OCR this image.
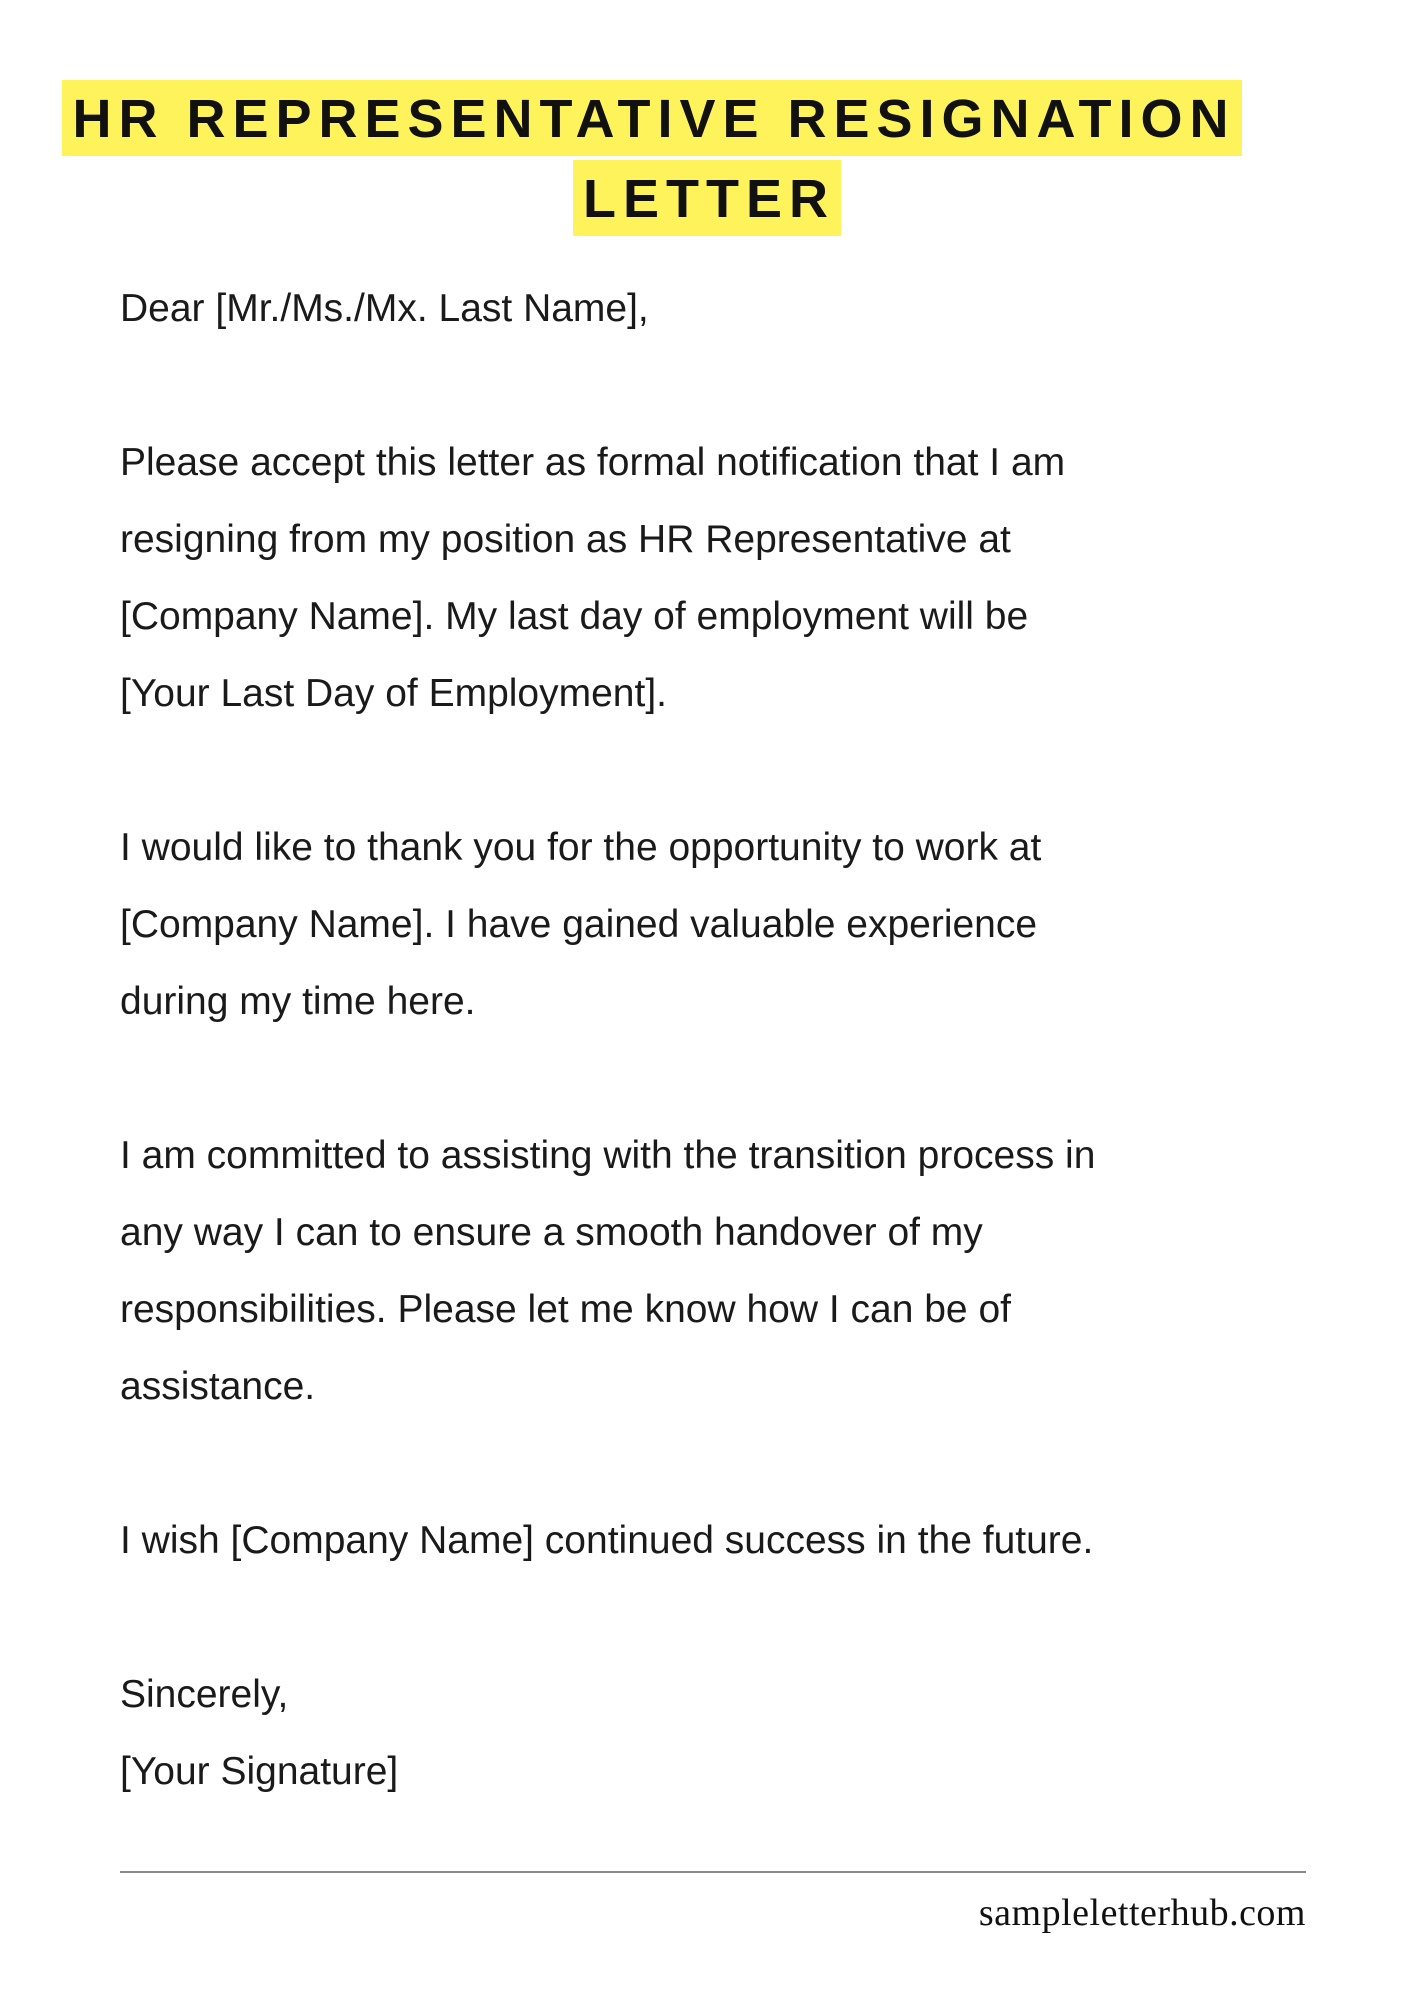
HR REPRESENTATIVE RESIGNATION
LETTER

Dear [Mr./Ms./Mx. Last Name],

Please accept this letter as formal notification that I am
resigning from my position as HR Representative at
[Company Name]. My last day of employment will be
[Your Last Day of Employment].

I would like to thank you for the opportunity to work at
[Company Name]. I have gained valuable experience
during my time here.

I am committed to assisting with the transition process in
any way I can to ensure a smooth handover of my
responsibilities. Please let me know how I can be of
assistance.

I wish [Company Name] continued success in the future.

Sincerely,

[Your Signature]

sampleletterhub.com
